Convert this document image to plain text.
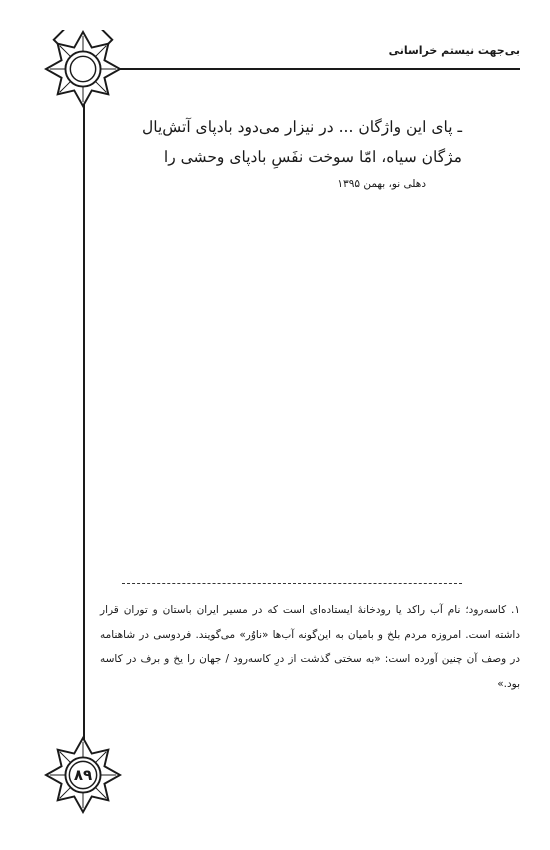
بی‌جهت نیستم خراسانی
۸۹
ـ پای این واژگان ... در نیزار می‌دود بادپای آتش‌یال
مژگان سیاه، امّا سوخت نفَسِ بادپای وحشی را
دهلی نو، بهمن ۱۳۹۵
۱. کاسه‌رود؛ نام آب راکد یا رودخانهٔ ایستاده‌ای است که در مسیر ایران باستان و توران قرار داشته است. امروزه مردم بلخ و بامیان به این‌گونه آب‌ها «ناوُر» می‌گویند. فردوسی در شاهنامه در وصف آن چنین آورده است: «به سختی گذشت از درِ کاسه‌رود / جهان را یخ و برف در کاسه بود.»
